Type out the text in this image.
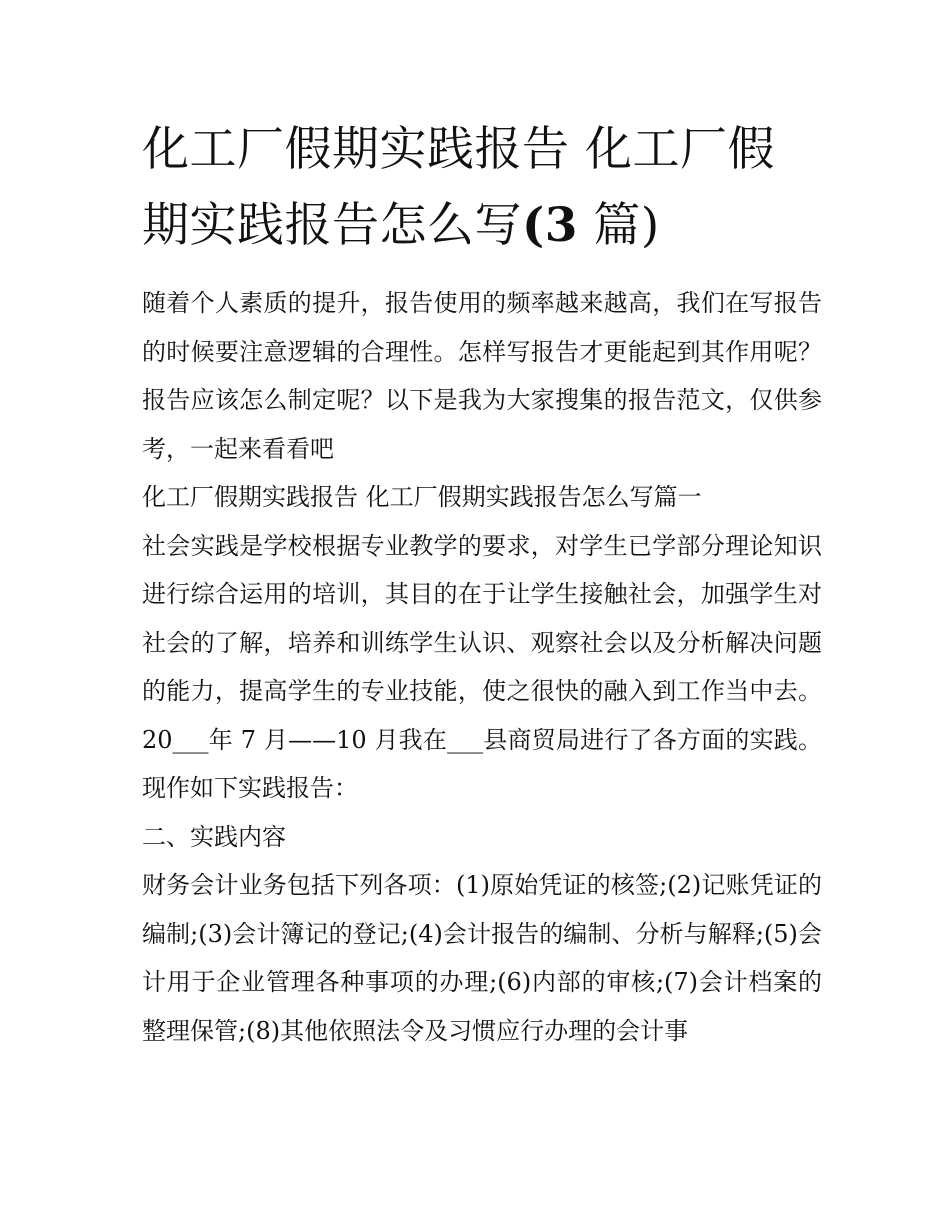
化工厂假期实践报告 化工厂假期实践报告怎么写(3 篇)

随着个人素质的提升，报告使用的频率越来越高，我们在写报告的时候要注意逻辑的合理性。怎样写报告才更能起到其作用呢？报告应该怎么制定呢？以下是我为大家搜集的报告范文，仅供参考，一起来看看吧

化工厂假期实践报告 化工厂假期实践报告怎么写篇一

社会实践是学校根据专业教学的要求，对学生已学部分理论知识进行综合运用的培训，其目的在于让学生接触社会，加强学生对社会的了解，培养和训练学生认识、观察社会以及分析解决问题的能力，提高学生的专业技能，使之很快的融入到工作当中去。20___年 7 月——10 月我在___县商贸局进行了各方面的实践。现作如下实践报告：

二、实践内容

财务会计业务包括下列各项：(1)原始凭证的核签;(2)记账凭证的编制;(3)会计簿记的登记;(4)会计报告的编制、分析与解释;(5)会计用于企业管理各种事项的办理;(6)内部的审核;(7)会计档案的整理保管;(8)其他依照法令及习惯应行办理的会计事
